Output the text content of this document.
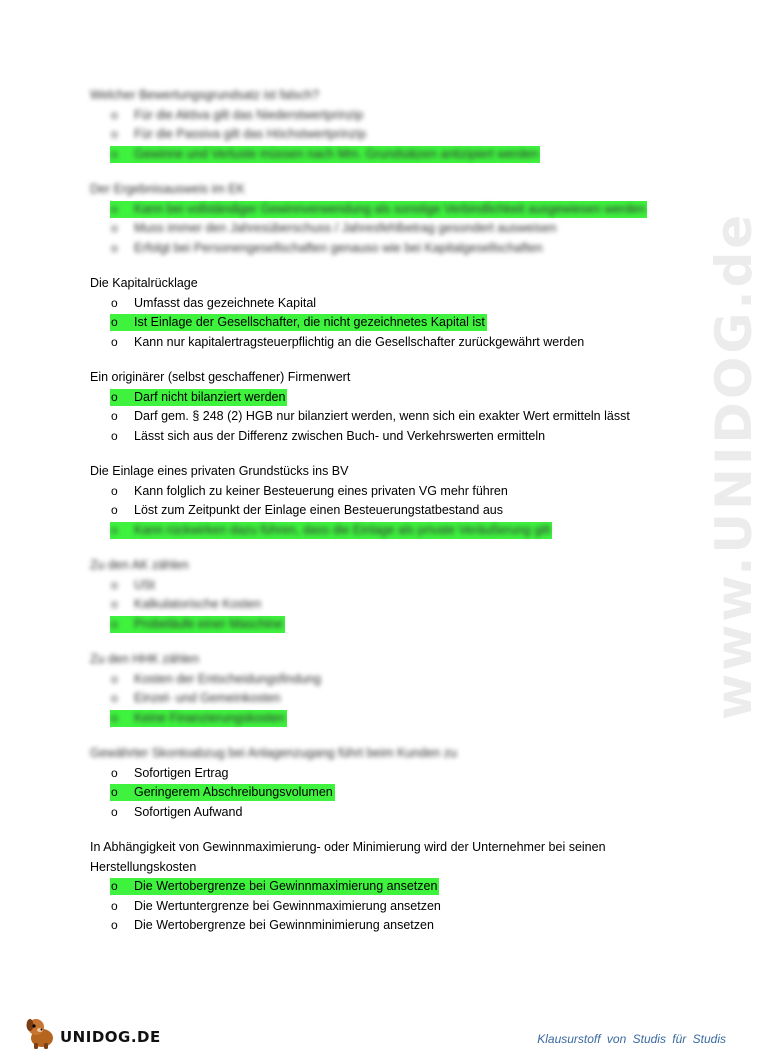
www.UNIDOG.de
Welcher Bewertungsgrundsatz ist falsch?
o Für die Aktiva gilt das Niederstwertprinzip
o Für die Passiva gilt das Höchstwertprinzip
o Gewinne und Verluste müssen nach Mm. Grundsätzen antizipiert werden
Der Ergebnisausweis im EK
o Kann bei vollständiger Gewinnverwendung als sonstige Verbindlichkeit ausgewiesen werden
o Muss immer den Jahresüberschuss / Jahresfehlbetrag gesondert ausweisen
o Erfolgt bei Personengesellschaften genauso wie bei Kapitalgesellschaften
Die Kapitalrücklage
o Umfasst das gezeichnete Kapital
o Ist Einlage der Gesellschafter, die nicht gezeichnetes Kapital ist
o Kann nur kapitalertragsteuerpflichtig an die Gesellschafter zurückgewährt werden
Ein originärer (selbst geschaffener) Firmenwert
o Darf nicht bilanziert werden
o Darf gem. § 248 (2) HGB nur bilanziert werden, wenn sich ein exakter Wert ermitteln lässt
o Lässt sich aus der Differenz zwischen Buch- und Verkehrswerten ermitteln
Die Einlage eines privaten Grundstücks ins BV
o Kann folglich zu keiner Besteuerung eines privaten VG mehr führen
o Löst zum Zeitpunkt der Einlage einen Besteuerungstatbestand aus
o Kann rückwirken dazu führen, dass die Einlage als private Veräußerung gilt
Zu den AK zählen
o USt
o Kalkulatorische Kosten
o Probeläufe einer Maschine
Zu den HHK zählen
o Kosten der Entscheidungsfindung
o Einzel- und Gemeinkosten
o Keine Finanzierungskosten
Gewährter Skontoabzug bei Anlagenzugang führt beim Kunden zu
o Sofortigen Ertrag
o Geringerem Abschreibungsvolumen
o Sofortigen Aufwand
In Abhängigkeit von Gewinnmaximierung- oder Minimierung wird der Unternehmer bei seinen Herstellungskosten
o Die Wertobergrenze bei Gewinnmaximierung ansetzen
o Die Wertuntergrenze bei Gewinnmaximierung ansetzen
o Die Wertobergrenze bei Gewinnminimierung ansetzen
UNIDOG.DE	Klausurstoff von Studis für Studis
